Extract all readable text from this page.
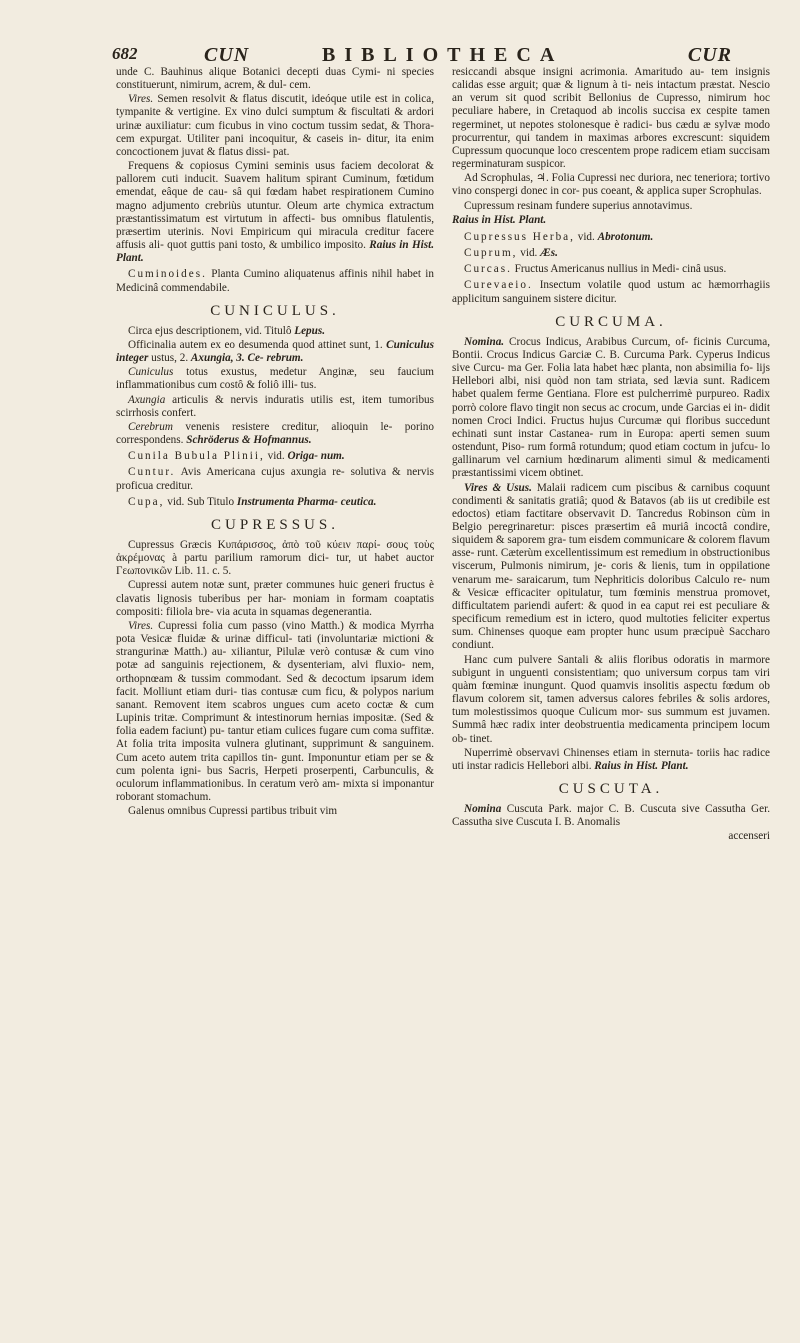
682	CUN	BIBLIOTHECA	CUR

unde C. Bauhinus alique Botanici decepti duas Cymi- ni species constituerunt, nimirum, acrem, & dul- cem.

Vires. Semen resolvit & flatus discutit, ideóque utile est in colica, tympanite & vertigine. Ex vino dulci sumptum & fiscultati & ardori urinæ auxiliatur: cum ficubus in vino coctum tussim sedat, & Thora- cem expurgat. Utiliter pani incoquitur, & caseis in- ditur, ita enim concoctionem juvat & flatus dissi- pat.

Frequens & copiosus Cymini seminis usus faciem decolorat & pallorem cuti inducit. Suavem halitum spirant Cuminum, fœtidum emendat, eâque de cau- sâ qui fœdam habet respirationem Cumino magno adjumento crebriùs utuntur. Oleum arte chymica extractum præstantissimatum est virtutum in affecti- bus omnibus flatulentis, præsertim uterinis. Novi Empiricum qui miracula creditur facere affusis ali- quot guttis pani tosto, & umbilico imposito. Raius in Hist. Plant.

Cuminoides. Planta Cumino aliquatenus affinis nihil habet in Medicinâ commendabile.

CUNICULUS.

Circa ejus descriptionem, vid. Titulô Lepus.

Officinalia autem ex eo desumenda quod attinet sunt, 1. Cuniculus integer ustus, 2. Axungia, 3. Ce- rebrum.

Cuniculus totus exustus, medetur Anginæ, seu faucium inflammationibus cum costô & foliô illi- tus.

Axungia articulis & nervis induratis utilis est, item tumoribus scirrhosis confert.

Cerebrum venenis resistere creditur, alioquin le- porino correspondens. Schröderus & Hofmannus.

Cunila Bubula Plinii, vid. Origa- num.

Cuntur. Avis Americana cujus axungia re- solutiva & nervis proficua creditur.

Cupa, vid. Sub Titulo Instrumenta Pharma- ceutica.

CUPRESSUS.

Cupressus Græcis Κυπάρισσος, ἀπὸ τοῦ κύειν παρί- σους τοὺς ἀκρέμονας à partu parilium ramorum dici- tur, ut habet auctor Γεωπονικῶν Lib. 11. c. 5.

Cupressi autem notæ sunt, præter communes huic generi fructus è clavatis lignosis tuberibus per har- moniam in formam coaptatis compositi: filiola bre- via acuta in squamas degenerantia.

Vires. Cupressi folia cum passo (vino Matth.) & modica Myrrha pota Vesicæ fluidæ & urinæ difficul- tati (involuntariæ mictioni & strangurinæ Matth.) au- xiliantur, Pilulæ verò contusæ & cum vino potæ ad sanguinis rejectionem, & dysenteriam, alvi fluxio- nem, orthopnœam & tussim commodant. Sed & decoctum ipsarum idem facit. Molliunt etiam duri- tias contusæ cum ficu, & polypos narium sanant. Removent item scabros ungues cum aceto coctæ & cum Lupinis tritæ. Comprimunt & intestinorum hernias impositæ. (Sed & folia eadem faciunt) pu- tantur etiam culices fugare cum coma suffitæ. At folia trita imposita vulnera glutinant, supprimunt & sanguinem. Cum aceto autem trita capillos tin- gunt. Imponuntur etiam per se & cum polenta igni- bus Sacris, Herpeti proserpenti, Carbunculis, & oculorum inflammationibus. In ceratum verò am- mixta si imponantur roborant stomachum.

Galenus omnibus Cupressi partibus tribuit vim

resiccandi absque insigni acrimonia. Amaritudo au- tem insignis calidas esse arguit; quæ & lignum à ti- neis intactum præstat. Nescio an verum sit quod scribit Bellonius de Cupresso, nimirum hoc peculiare habere, in Cretaquod ab incolis succisa ex cespite tamen regerminet, ut nepotes stolonesque è radici- bus cædu æ sylvæ modo procurrentur, qui tandem in maximas arbores excrescunt: siquidem Cupressum quocunque loco crescentem prope radicem etiam succisam regerminaturam suspicor.

Ad Scrophulas, ♃. Folia Cupressi nec duriora, nec teneriora; tortivo vino conspergi donec in cor- pus coeant, & applica super Scrophulas.

Cupressum resinam fundere superius annotavimus.

Raius in Hist. Plant.

Cupressus Herba, vid. Abrotonum.

Cuprum, vid. Æs.

Curcas. Fructus Americanus nullius in Medi- cinâ usus.

Curevaeio. Insectum volatile quod ustum ac hæmorrhagiis applicitum sanguinem sistere dicitur.

CURCUMA.

Nomina. Crocus Indicus, Arabibus Curcum, of- ficinis Curcuma, Bontii. Crocus Indicus Garciæ C. B. Curcuma Park. Cyperus Indicus sive Curcu- ma Ger. Folia lata habet hæc planta, non absimilia fo- lijs Hellebori albi, nisi quòd non tam striata, sed lævia sunt. Radicem habet qualem ferme Gentiana. Flore est pulcherrimè purpureo. Radix porrò colore flavo tingit non secus ac crocum, unde Garcias ei in- didit nomen Croci Indici. Fructus hujus Curcumæ qui floribus succedunt echinati sunt instar Castanea- rum in Europa: aperti semen suum ostendunt, Piso- rum formâ rotundum; quod etiam coctum in jufcu- lo gallinarum vel carnium hœdinarum alimenti simul & medicamenti præstantissimi vicem obtinet.

Vires & Usus. Malaii radicem cum piscibus & carnibus coquunt condimenti & sanitatis gratiâ; quod & Batavos (ab iis ut credibile est edoctos) etiam factitare observavit D. Tancredus Robinson cùm in Belgio peregrinaretur: pisces præsertim eâ muriâ incoctâ condire, siquidem & saporem gra- tum eisdem communicare & colorem flavum asse- runt. Cæterùm excellentissimum est remedium in obstructionibus viscerum, Pulmonis nimirum, je- coris & lienis, tum in oppilatione venarum me- saraicarum, tum Nephriticis doloribus Calculo re- num & Vesicæ efficaciter opitulatur, tum fœminis menstrua promovet, difficultatem pariendi aufert: & quod in ea caput rei est peculiare & specificum remedium est in ictero, quod multoties feliciter expertus sum. Chinenses quoque eam propter hunc usum præcipuè Saccharo condiunt.

Hanc cum pulvere Santali & aliis floribus odoratis in marmore subigunt in unguenti consistentiam; quo universum corpus tam viri quàm fœminæ inungunt. Quod quamvis insolitis aspectu fœdum ob flavum colorem sit, tamen adversus calores febriles & solis ardores, tum molestissimos quoque Culicum mor- sus summum est juvamen. Summâ hæc radix inter deobstruentia medicamenta principem locum ob- tinet.

Nuperrimè observavi Chinenses etiam in sternuta- toriis hac radice uti instar radicis Hellebori albi. Raius in Hist. Plant.

CUSCUTA.

Nomina Cuscuta Park. major C. B. Cuscuta sive Cassutha Ger. Cassutha sive Cuscuta I. B. Anomalis

accenseri
